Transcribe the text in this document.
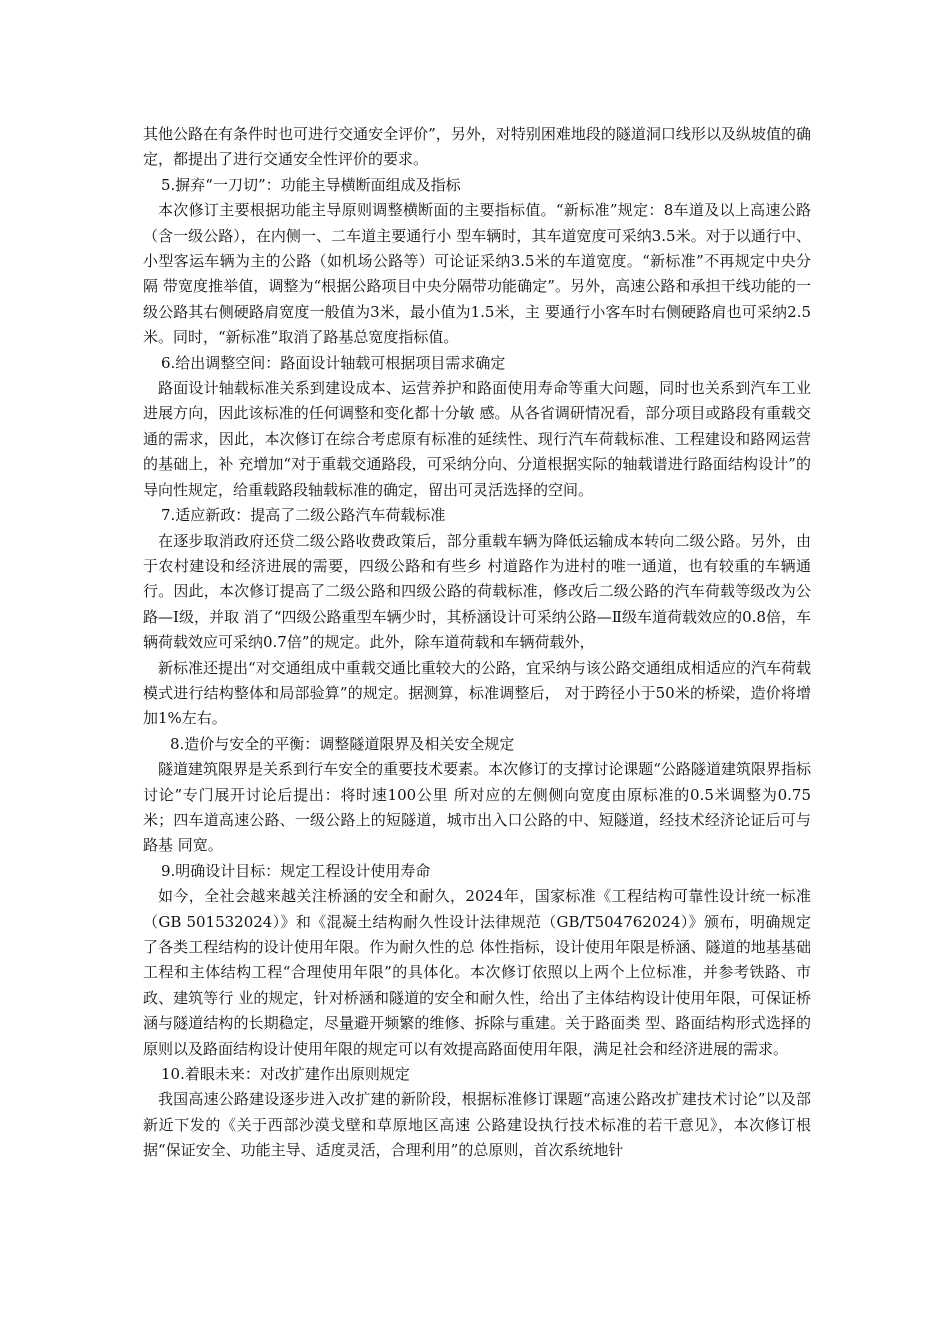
其他公路在有条件时也可进行交通安全评价”，另外，对特别困难地段的隧道洞口线形以及纵坡值的确 定，都提出了进行交通安全性评价的要求。

5.摒弃“一刀切”：功能主导横断面组成及指标

本次修订主要根据功能主导原则调整横断面的主要指标值。“新标准”规定：8车道及以上高速公路（含一级公路），在内侧一、二车道主要通行小 型车辆时，其车道宽度可采纳3.5米。对于以通行中、小型客运车辆为主的公路（如机场公路等）可论证采纳3.5米的车道宽度。“新标准”不再规定中央分隔 带宽度推举值，调整为“根据公路项目中央分隔带功能确定”。另外，高速公路和承担干线功能的一级公路其右侧硬路肩宽度一般值为3米，最小值为1.5米，主 要通行小客车时右侧硬路肩也可采纳2.5米。同时，“新标准”取消了路基总宽度指标值。

6.给出调整空间：路面设计轴载可根据项目需求确定

路面设计轴载标准关系到建设成本、运营养护和路面使用寿命等重大问题，同时也关系到汽车工业进展方向，因此该标准的任何调整和变化都十分敏 感。从各省调研情况看，部分项目或路段有重载交通的需求，因此，本次修订在综合考虑原有标准的延续性、现行汽车荷载标准、工程建设和路网运营的基础上，补 充增加“对于重载交通路段，可采纳分向、分道根据实际的轴载谱进行路面结构设计”的导向性规定，给重载路段轴载标准的确定，留出可灵活选择的空间。

7.适应新政：提高了二级公路汽车荷载标准

在逐步取消政府还贷二级公路收费政策后，部分重载车辆为降低运输成本转向二级公路。另外，由于农村建设和经济进展的需要，四级公路和有些乡 村道路作为进村的唯一通道，也有较重的车辆通行。因此，本次修订提高了二级公路和四级公路的荷载标准，修改后二级公路的汽车荷载等级改为公路—Ⅰ级，并取 消了“四级公路重型车辆少时，其桥涵设计可采纳公路—Ⅱ级车道荷载效应的0.8倍，车辆荷载效应可采纳0.7倍”的规定。此外，除车道荷载和车辆荷载外，

新标准还提出“对交通组成中重载交通比重较大的公路，宜采纳与该公路交通组成相适应的汽车荷载模式进行结构整体和局部验算”的规定。据测算，标准调整后， 对于跨径小于50米的桥梁，造价将增加1%左右。

8.造价与安全的平衡：调整隧道限界及相关安全规定

隧道建筑限界是关系到行车安全的重要技术要素。本次修订的支撑讨论课题“公路隧道建筑限界指标讨论”专门展开讨论后提出：将时速100公里 所对应的左侧侧向宽度由原标准的0.5米调整为0.75米；四车道高速公路、一级公路上的短隧道，城市出入口公路的中、短隧道，经技术经济论证后可与路基 同宽。

9.明确设计目标：规定工程设计使用寿命

如今，全社会越来越关注桥涵的安全和耐久，2024年，国家标准《工程结构可靠性设计统一标准（GB 501532024）》和《混凝土结构耐久性设计法律规范（GB/T504762024）》颁布，明确规定了各类工程结构的设计使用年限。作为耐久性的总 体性指标，设计使用年限是桥涵、隧道的地基基础工程和主体结构工程“合理使用年限”的具体化。本次修订依照以上两个上位标准，并参考铁路、市政、建筑等行 业的规定，针对桥涵和隧道的安全和耐久性，给出了主体结构设计使用年限，可保证桥涵与隧道结构的长期稳定，尽量避开频繁的维修、拆除与重建。关于路面类 型、路面结构形式选择的原则以及路面结构设计使用年限的规定可以有效提高路面使用年限，满足社会和经济进展的需求。

10.着眼未来：对改扩建作出原则规定

我国高速公路建设逐步进入改扩建的新阶段，根据标准修订课题“高速公路改扩建技术讨论”以及部新近下发的《关于西部沙漠戈壁和草原地区高速 公路建设执行技术标准的若干意见》，本次修订根据“保证安全、功能主导、适度灵活，合理利用”的总原则，首次系统地针
